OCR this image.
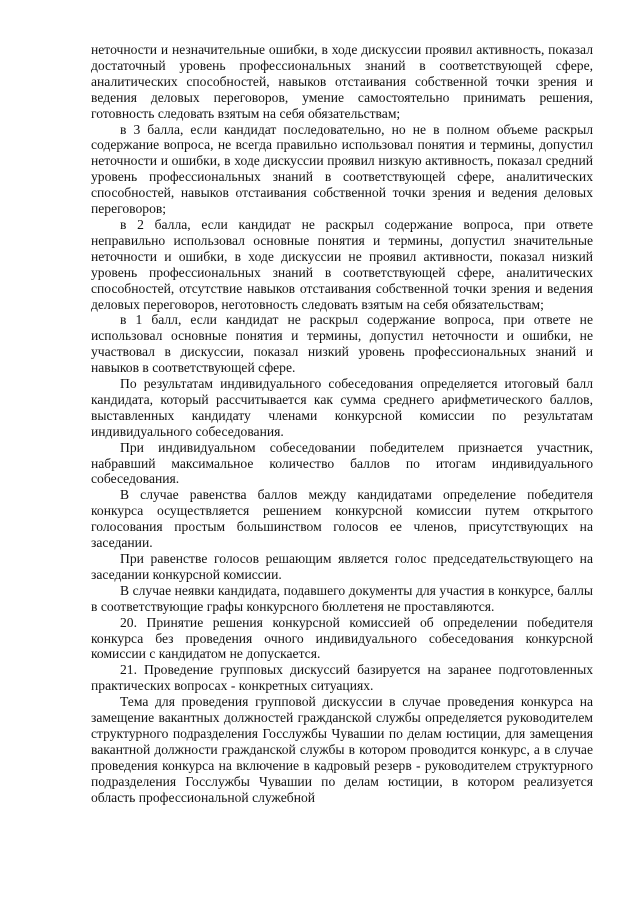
неточности и незначительные ошибки, в ходе дискуссии проявил активность, показал достаточный уровень профессиональных знаний в соответствующей сфере, аналитических способностей, навыков отстаивания собственной точки зрения и ведения деловых переговоров, умение самостоятельно принимать решения, готовность следовать взятым на себя обязательствам;

в 3 балла, если кандидат последовательно, но не в полном объеме раскрыл содержание вопроса, не всегда правильно использовал понятия и термины, допустил неточности и ошибки, в ходе дискуссии проявил низкую активность, показал средний уровень профессиональных знаний в соответствующей сфере, аналитических способностей, навыков отстаивания собственной точки зрения и ведения деловых переговоров;

в 2 балла, если кандидат не раскрыл содержание вопроса, при ответе неправильно использовал основные понятия и термины, допустил значительные неточности и ошибки, в ходе дискуссии не проявил активности, показал низкий уровень профессиональных знаний в соответствующей сфере, аналитических способностей, отсутствие навыков отстаивания собственной точки зрения и ведения деловых переговоров, неготовность следовать взятым на себя обязательствам;

в 1 балл, если кандидат не раскрыл содержание вопроса, при ответе не использовал основные понятия и термины, допустил неточности и ошибки, не участвовал в дискуссии, показал низкий уровень профессиональных знаний и навыков в соответствующей сфере.

По результатам индивидуального собеседования определяется итоговый балл кандидата, который рассчитывается как сумма среднего арифметического баллов, выставленных кандидату членами конкурсной комиссии по результатам индивидуального собеседования.

При индивидуальном собеседовании победителем признается участник, набравший максимальное количество баллов по итогам индивидуального собеседования.

В случае равенства баллов между кандидатами определение победителя конкурса осуществляется решением конкурсной комиссии путем открытого голосования простым большинством голосов ее членов, присутствующих на заседании.

При равенстве голосов решающим является голос председательствующего на заседании конкурсной комиссии.

В случае неявки кандидата, подавшего документы для участия в конкурсе, баллы в соответствующие графы конкурсного бюллетеня не проставляются.

20. Принятие решения конкурсной комиссией об определении победителя конкурса без проведения очного индивидуального собеседования конкурсной комиссии с кандидатом не допускается.

21. Проведение групповых дискуссий базируется на заранее подготовленных практических вопросах - конкретных ситуациях.

Тема для проведения групповой дискуссии в случае проведения конкурса на замещение вакантных должностей гражданской службы определяется руководителем структурного подразделения Госслужбы Чувашии по делам юстиции, для замещения вакантной должности гражданской службы в котором проводится конкурс, а в случае проведения конкурса на включение в кадровый резерв - руководителем структурного подразделения Госслужбы Чувашии по делам юстиции, в котором реализуется область профессиональной служебной
